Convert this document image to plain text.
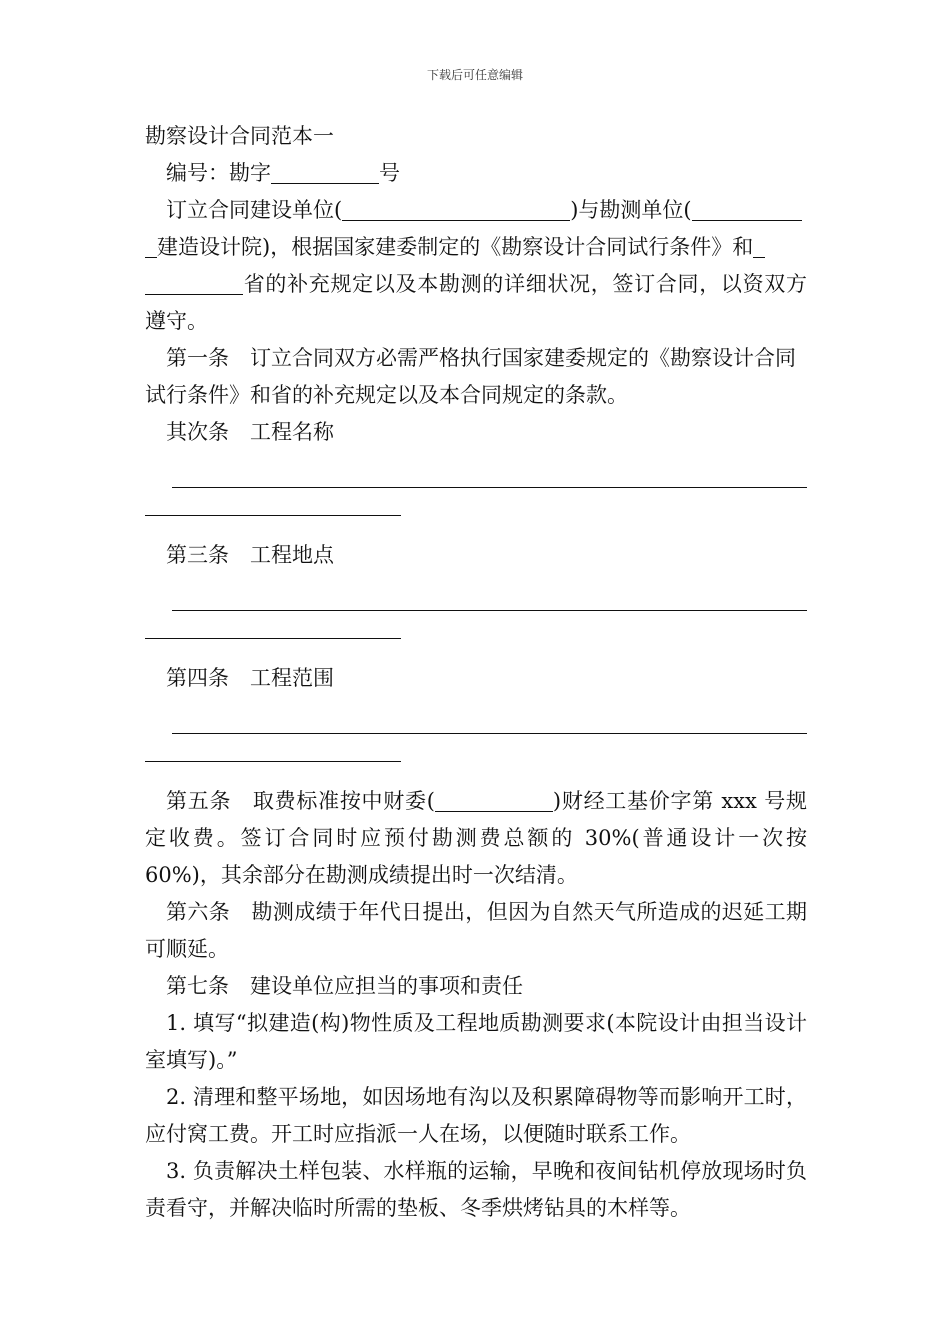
下载后可任意编辑

勘察设计合同范本一

编号：勘字	号

订立合同建设单位(	)与勘测单位(
建造设计院)，根据国家建委制定的《勘察设计合同试行条件》和
省的补充规定以及本勘测的详细状况，签订合同，以资双方遵守。

第一条　订立合同双方必需严格执行国家建委规定的《勘察设计合同试行条件》和省的补充规定以及本合同规定的条款。

其次条　工程名称

第三条　工程地点

第四条　工程范围

第五条　取费标准按中财委(	)财经工基价字第 xxx 号规定收费。签订合同时应预付勘测费总额的 30%(普通设计一次按 60%)，其余部分在勘测成绩提出时一次结清。

第六条　勘测成绩于年代日提出，但因为自然天气所造成的迟延工期可顺延。

第七条　建设单位应担当的事项和责任

1. 填写“拟建造(构)物性质及工程地质勘测要求(本院设计由担当设计室填写)。”

2. 清理和整平场地，如因场地有沟以及积累障碍物等而影响开工时，应付窝工费。开工时应指派一人在场，以便随时联系工作。

3. 负责解决土样包装、水样瓶的运输，早晚和夜间钻机停放现场时负责看守，并解决临时所需的垫板、冬季烘烤钻具的木样等。
